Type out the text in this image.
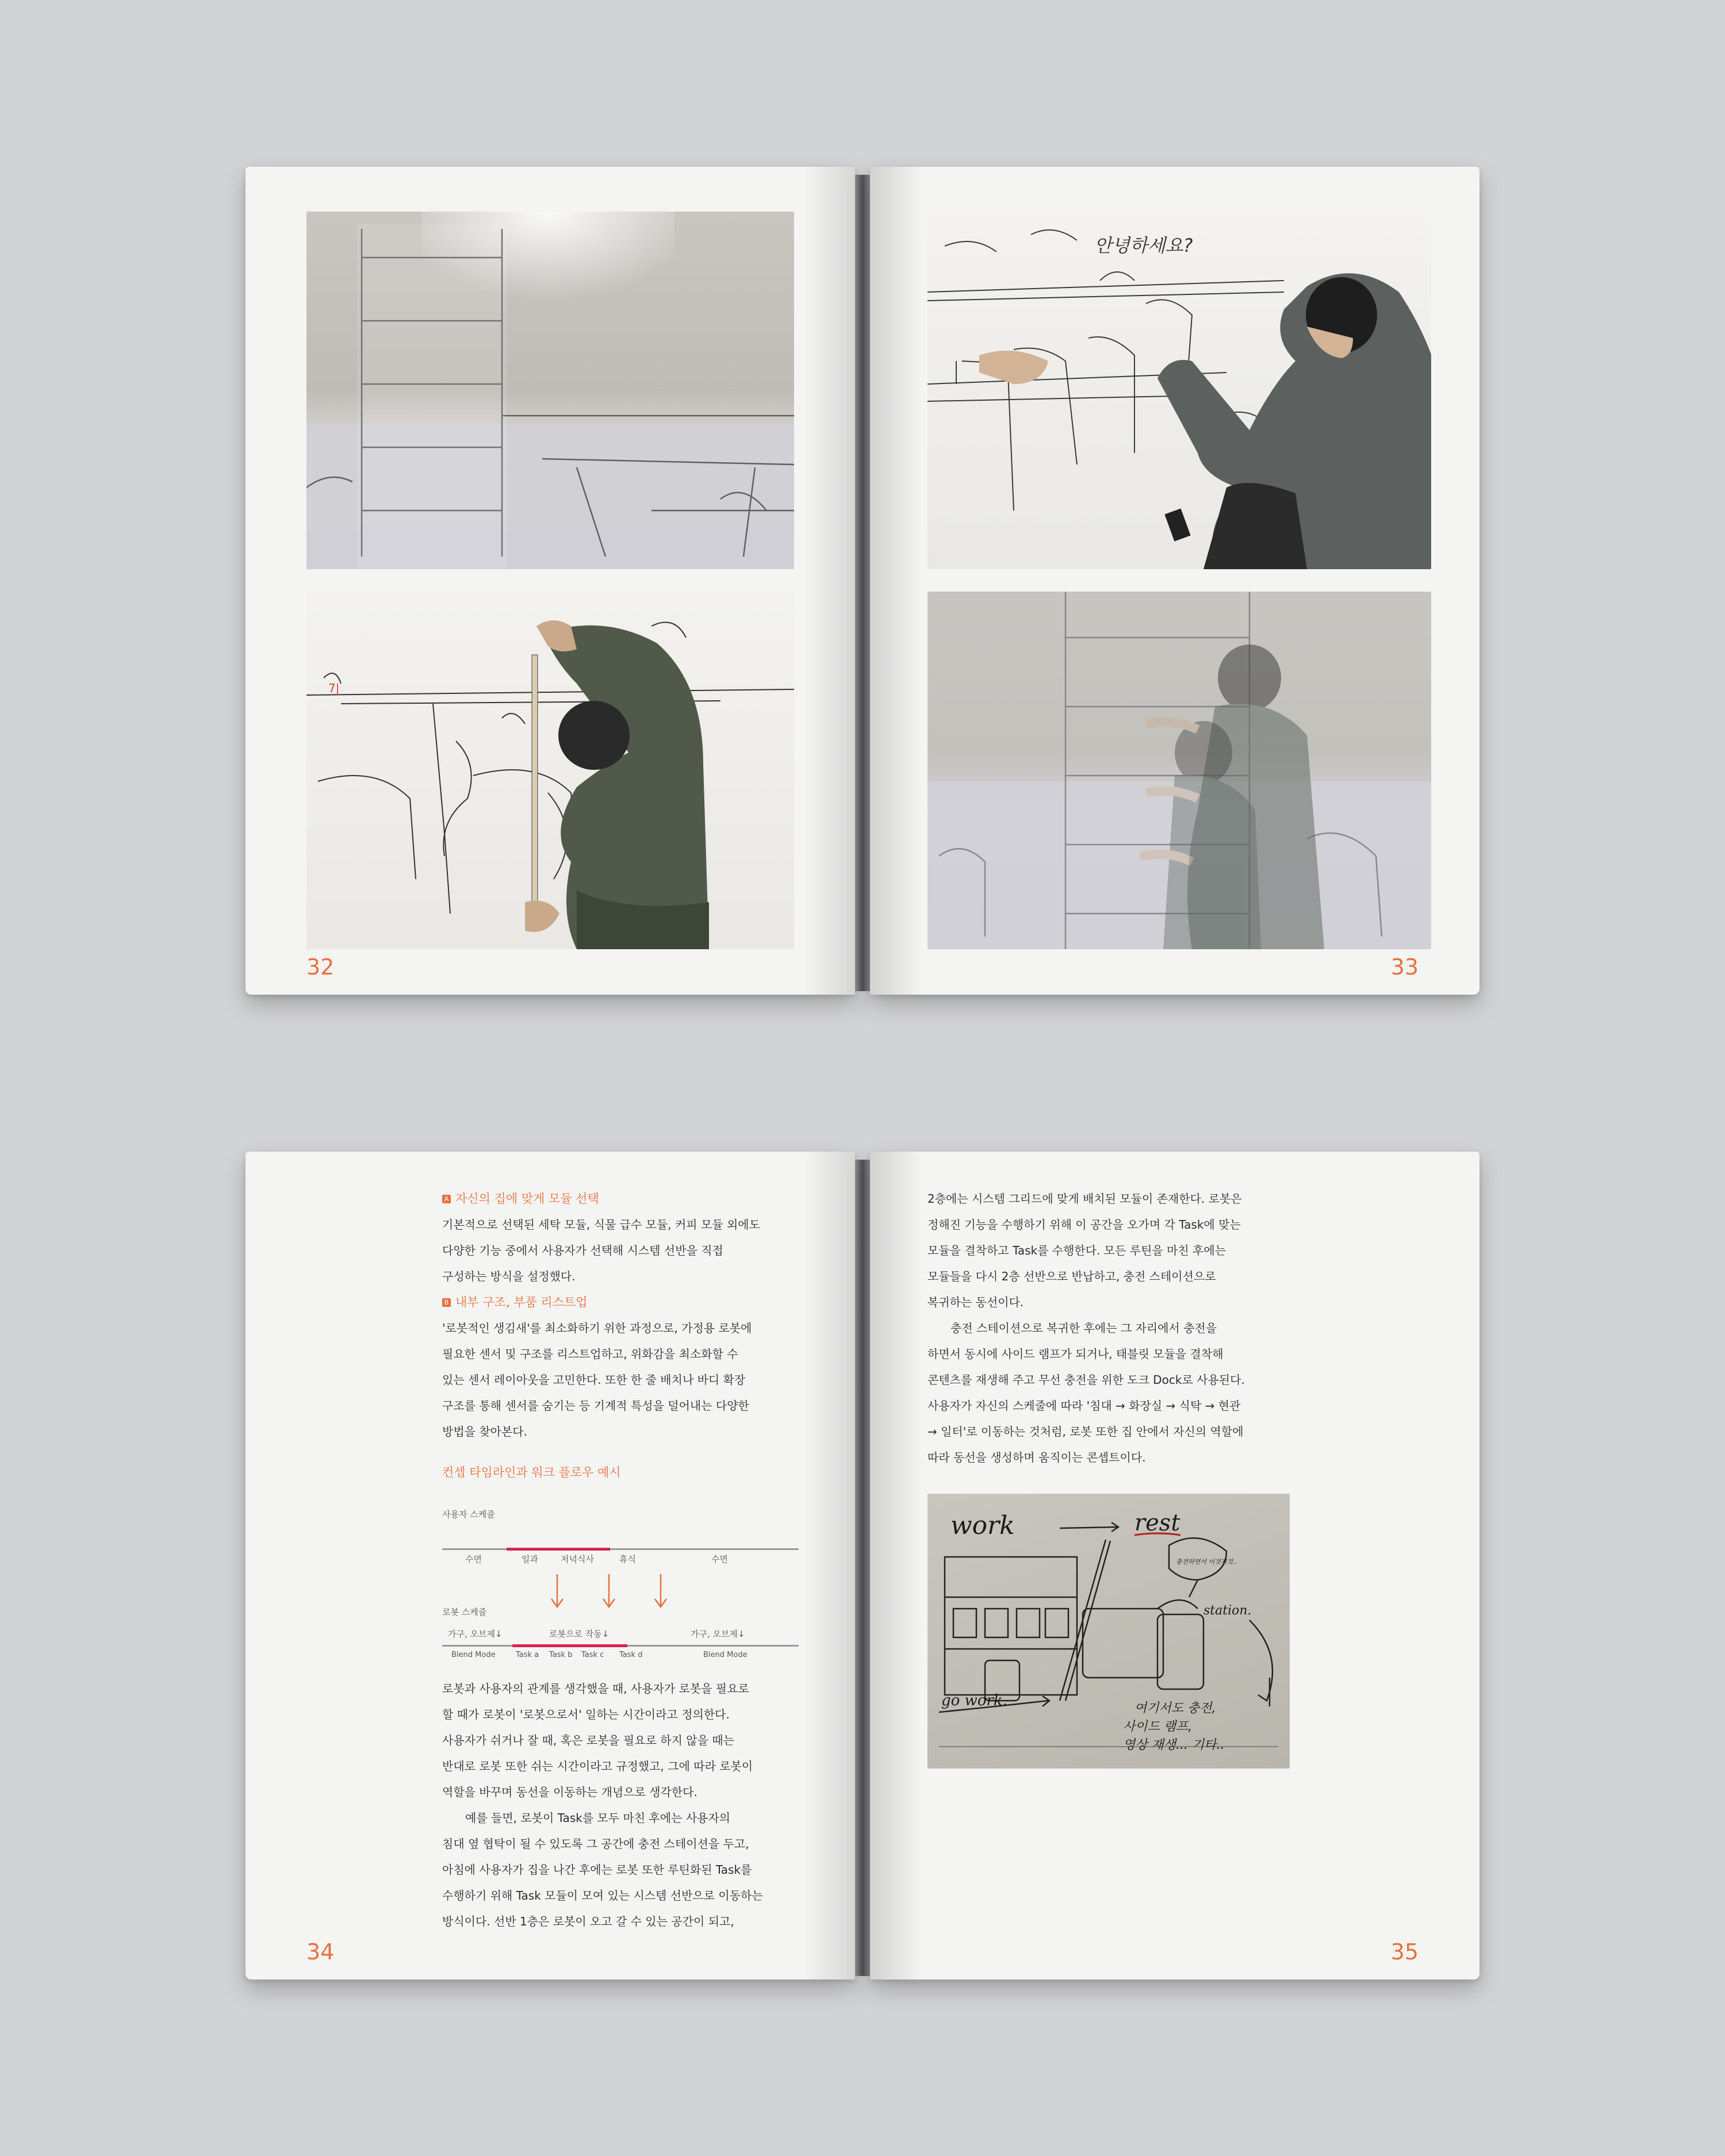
7|
32
안녕하세요?
33
A 자신의 집에 맞게 모듈 선택

기본적으로 선택된 세탁 모듈, 식물 급수 모듈, 커피 모듈 외에도

다양한 기능 중에서 사용자가 선택해 시스템 선반을 직접

구성하는 방식을 설정했다.

B 내부 구조, 부품 리스트업

'로봇적인 생김새'를 최소화하기 위한 과정으로, 가정용 로봇에

필요한 센서 및 구조를 리스트업하고, 위화감을 최소화할 수

있는 센서 레이아웃을 고민한다. 또한 한 줄 배치나 바디 확장

구조를 통해 센서를 숨기는 등 기계적 특성을 덜어내는 다양한

방법을 찾아본다.

컨셉 타임라인과 워크 플로우 예시
사용자 스케쥴
수면	일과	저녁식사	휴식	수면
로봇 스케쥴
가구, 오브제↓	로봇으로 작동↓	가구, 오브제↓
Blend Mode	Task a Task b Task c Task d	Blend Mode

로봇과 사용자의 관계를 생각했을 때, 사용자가 로봇을 필요로

할 때가 로봇이 '로봇으로서' 일하는 시간이라고 정의한다.

사용자가 쉬거나 잘 때, 혹은 로봇을 필요로 하지 않을 때는

반대로 로봇 또한 쉬는 시간이라고 규정했고, 그에 따라 로봇이

역할을 바꾸며 동선을 이동하는 개념으로 생각한다.

예를 들면, 로봇이 Task를 모두 마친 후에는 사용자의

침대 옆 협탁이 될 수 있도록 그 공간에 충전 스테이션을 두고,

아침에 사용자가 집을 나간 후에는 로봇 또한 루틴화된 Task를

수행하기 위해 Task 모듈이 모여 있는 시스템 선반으로 이동하는

방식이다. 선반 1층은 로봇이 오고 갈 수 있는 공간이 되고,

34

2층에는 시스템 그리드에 맞게 배치된 모듈이 존재한다. 로봇은

정해진 기능을 수행하기 위해 이 공간을 오가며 각 Task에 맞는

모듈을 결착하고 Task를 수행한다. 모든 루틴을 마친 후에는

모듈들을 다시 2층 선반으로 반납하고, 충전 스테이션으로

복귀하는 동선이다.

충전 스테이션으로 복귀한 후에는 그 자리에서 충전을

하면서 동시에 사이드 램프가 되거나, 태블릿 모듈을 결착해

콘텐츠를 재생해 주고 무선 충전을 위한 도크 Dock로 사용된다.

사용자가 자신의 스케줄에 따라 '침대 → 화장실 → 식탁 → 현관

→ 일터'로 이동하는 것처럼, 로봇 또한 집 안에서 자신의 역할에

따라 동선을 생성하며 움직이는 콘셉트이다.

work	rest
충전하면서 이것저것..
station.
go work.	여기서도 충전,
사이드 램프,
영상 재생... 기타..
35
